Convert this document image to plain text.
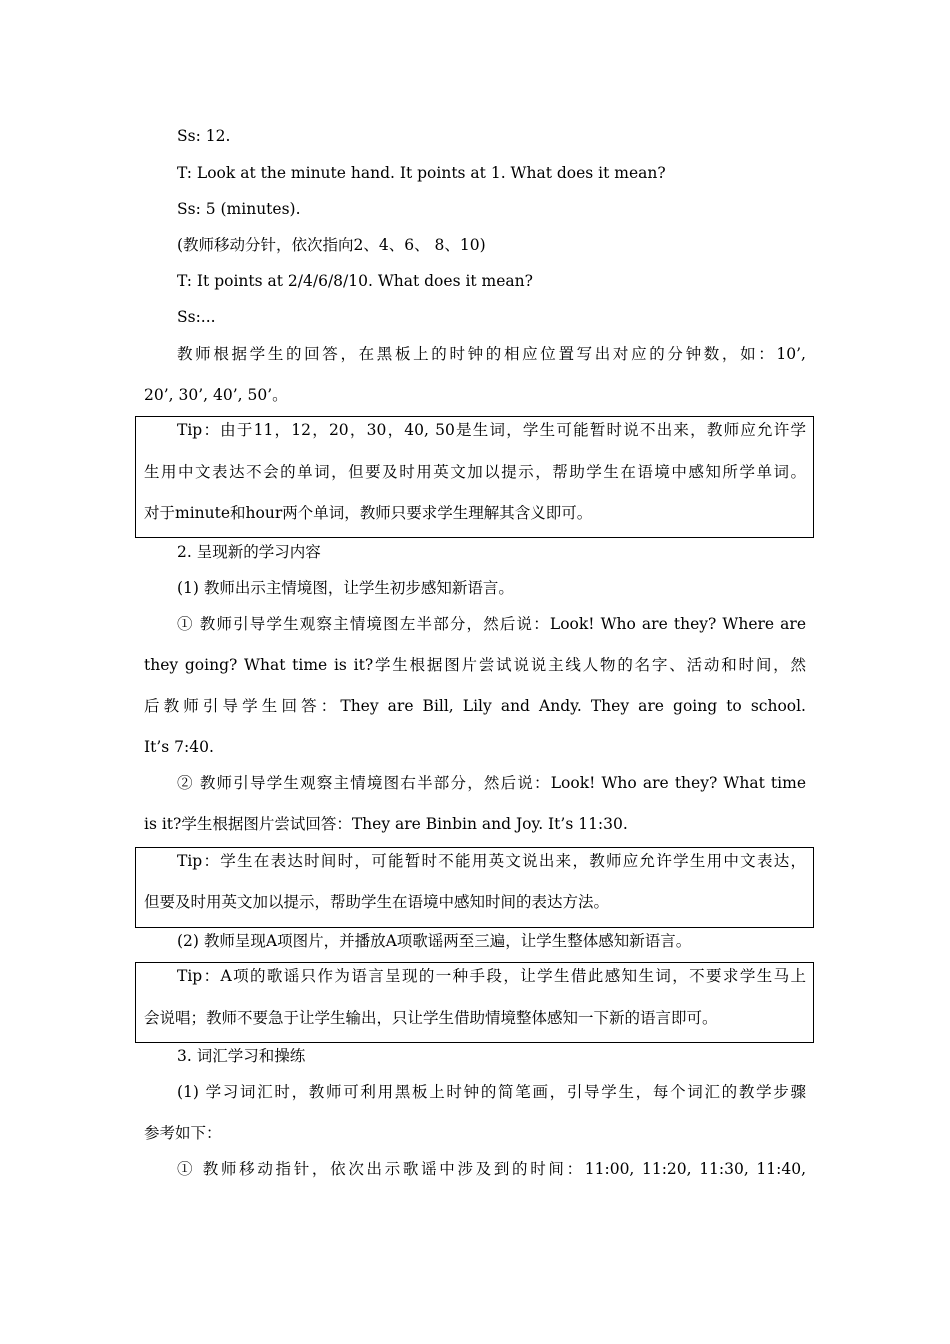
Ss: 12.
T: Look at the minute hand. It points at 1. What does it mean?
Ss: 5 (minutes).
(教师移动分针，依次指向2、4、6、 8、10)
T: It points at 2/4/6/8/10. What does it mean?
Ss:...
教师根据学生的回答，在黑板上的时钟的相应位置写出对应的分钟数，如：10’,
20’, 30’, 40’, 50’。
Tip：由于11，12，20，30，40, 50是生词，学生可能暂时说不出来，教师应允许学
生用中文表达不会的单词，但要及时用英文加以提示，帮助学生在语境中感知所学单词。
对于minute和hour两个单词，教师只要求学生理解其含义即可。
2. 呈现新的学习内容
(1) 教师出示主情境图，让学生初步感知新语言。
① 教师引导学生观察主情境图左半部分，然后说：Look! Who are they? Where are
they going? What time is it?学生根据图片尝试说说主线人物的名字、活动和时间，然
后教师引导学生回答：They are Bill, Lily and Andy. They are going to school.
It’s 7:40.
② 教师引导学生观察主情境图右半部分，然后说：Look! Who are they? What time
is it?学生根据图片尝试回答：They are Binbin and Joy. It’s 11:30.
Tip：学生在表达时间时，可能暂时不能用英文说出来，教师应允许学生用中文表达，
但要及时用英文加以提示，帮助学生在语境中感知时间的表达方法。
(2) 教师呈现A项图片，并播放A项歌谣两至三遍，让学生整体感知新语言。
Tip：A项的歌谣只作为语言呈现的一种手段，让学生借此感知生词，不要求学生马上
会说唱；教师不要急于让学生输出，只让学生借助情境整体感知一下新的语言即可。
3. 词汇学习和操练
(1) 学习词汇时，教师可利用黑板上时钟的简笔画，引导学生，每个词汇的教学步骤
参考如下：
① 教师移动指针，依次出示歌谣中涉及到的时间：11:00, 11:20, 11:30, 11:40,
